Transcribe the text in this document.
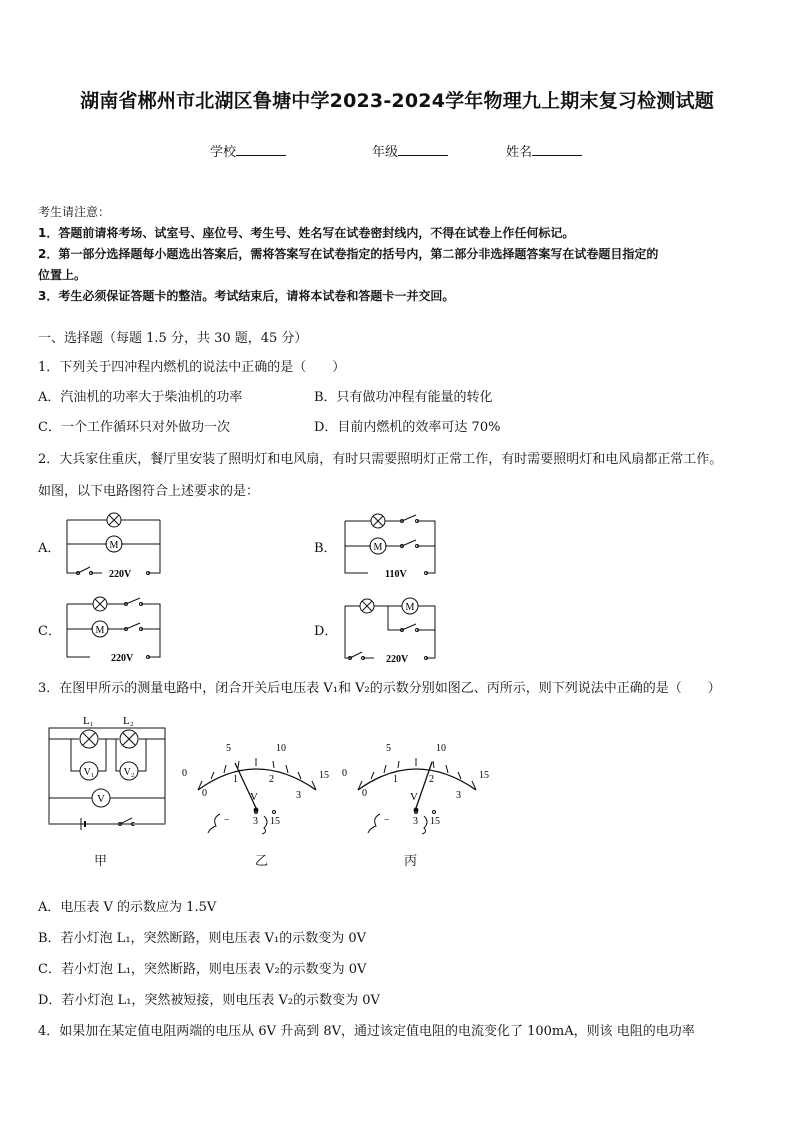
湖南省郴州市北湖区鲁塘中学2023-2024学年物理九上期末复习检测试题
学校	年级	姓名
考生请注意：
1．答题前请将考场、试室号、座位号、考生号、姓名写在试卷密封线内，不得在试卷上作任何标记。
2．第一部分选择题每小题选出答案后，需将答案写在试卷指定的括号内，第二部分非选择题答案写在试卷题目指定的
位置上。
3．考生必须保证答题卡的整洁。考试结束后，请将本试卷和答题卡一并交回。
一、选择题（每题 1.5 分，共 30 题，45 分）
1．下列关于四冲程内燃机的说法中正确的是（　　）
A．汽油机的功率大于柴油机的功率	B．只有做功冲程有能量的转化
C．一个工作循环只对外做功一次	D．目前内燃机的效率可达 70%
2．大兵家住重庆，餐厅里安装了照明灯和电风扇，有时只需要照明灯正常工作，有时需要照明灯和电风扇都正常工作。
如图，以下电路图符合上述要求的是：
A．	B．
C．	D．
M
220V
M
110V
M
220V
M
220V
3．在图甲所示的测量电路中，闭合开关后电压表 V₁和 V₂的示数分别如图乙、丙所示，则下列说法中正确的是（　　）
L₁	L₂
V₁	V₂
V
0
5	10
15
0
1	2
3
V
− 3 15
0
5	10
15
0
1	2
3
V
− 3 15
甲	乙	丙
A．电压表 V 的示数应为 1.5V
B．若小灯泡 L₁，突然断路，则电压表 V₁的示数变为 0V
C．若小灯泡 L₁，突然断路，则电压表 V₂的示数变为 0V
D．若小灯泡 L₁，突然被短接，则电压表 V₂的示数变为 0V
4．如果加在某定值电阻两端的电压从 6V 升高到 8V，通过该定值电阻的电流变化了 100mA，则该 电阻的电功率
